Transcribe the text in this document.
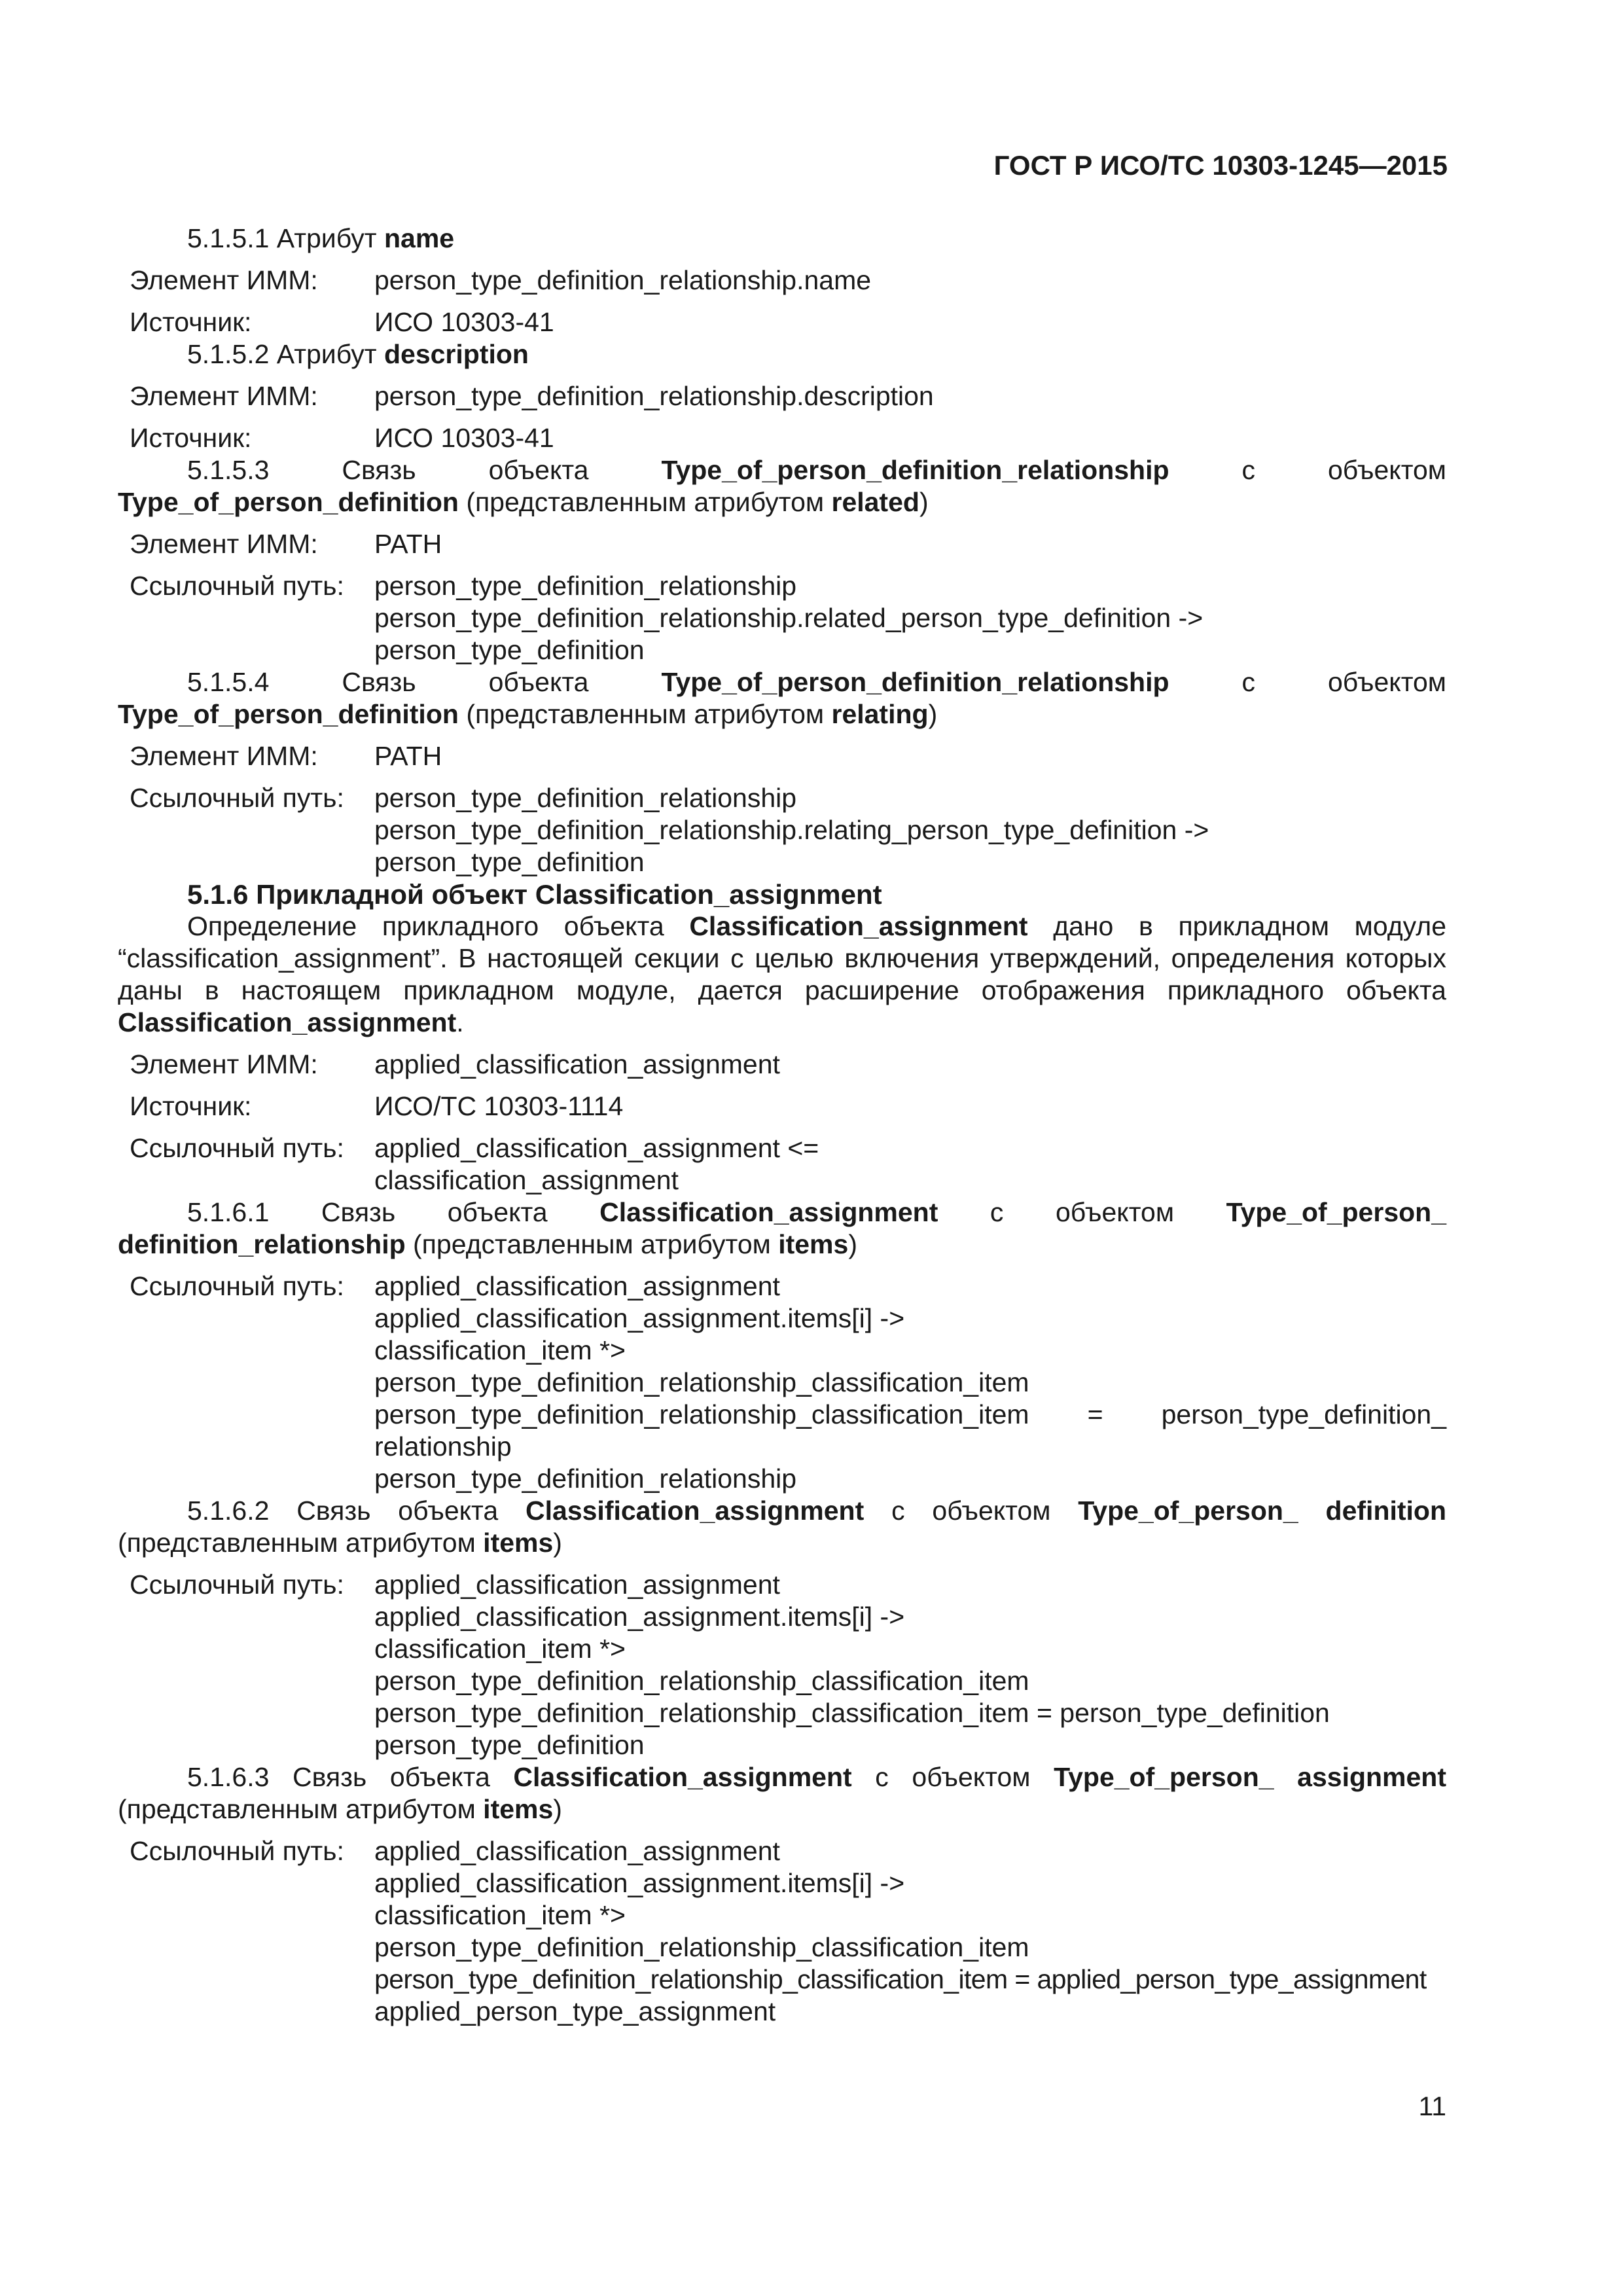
ГОСТ Р ИСО/ТС 10303-1245—2015
5.1.5.1 Атрибут name
Элемент ИММ:	person_type_definition_relationship.name
Источник:	ИСО 10303-41
5.1.5.2 Атрибут description
Элемент ИММ:	person_type_definition_relationship.description
Источник:	ИСО 10303-41
5.1.5.3 Связь объекта Type_of_person_definition_relationship с объектом Type_of_person_definition (представленным атрибутом related)
Элемент ИММ:	PATH
Ссылочный путь:	person_type_definition_relationship
person_type_definition_relationship.related_person_type_definition ->
person_type_definition
5.1.5.4 Связь объекта Type_of_person_definition_relationship с объектом Type_of_person_definition (представленным атрибутом relating)
Элемент ИММ:	PATH
Ссылочный путь:	person_type_definition_relationship
person_type_definition_relationship.relating_person_type_definition ->
person_type_definition
5.1.6 Прикладной объект Classification_assignment
Определение прикладного объекта Classification_assignment дано в прикладном модуле “classification_assignment”. В настоящей секции с целью включения утверждений, определения которых даны в настоящем прикладном модуле, дается расширение отображения прикладного объекта Classification_assignment.
Элемент ИММ:	applied_classification_assignment
Источник:	ИСО/ТС 10303-1114
Ссылочный путь:	applied_classification_assignment <=
classification_assignment
5.1.6.1 Связь объекта Classification_assignment с объектом Type_of_person_ definition_relationship (представленным атрибутом items)
Ссылочный путь:	applied_classification_assignment
applied_classification_assignment.items[i] ->
classification_item *>
person_type_definition_relationship_classification_item
person_type_definition_relationship_classification_item = person_type_definition_
relationship
person_type_definition_relationship
5.1.6.2 Связь объекта Classification_assignment с объектом Type_of_person_ definition (представленным атрибутом items)
Ссылочный путь:	applied_classification_assignment
applied_classification_assignment.items[i] ->
classification_item *>
person_type_definition_relationship_classification_item
person_type_definition_relationship_classification_item = person_type_definition
person_type_definition
5.1.6.3 Связь объекта Classification_assignment с объектом Type_of_person_ assignment (представленным атрибутом items)
Ссылочный путь:	applied_classification_assignment
applied_classification_assignment.items[i] ->
classification_item *>
person_type_definition_relationship_classification_item
person_type_definition_relationship_classification_item = applied_person_type_assignment
applied_person_type_assignment
11
